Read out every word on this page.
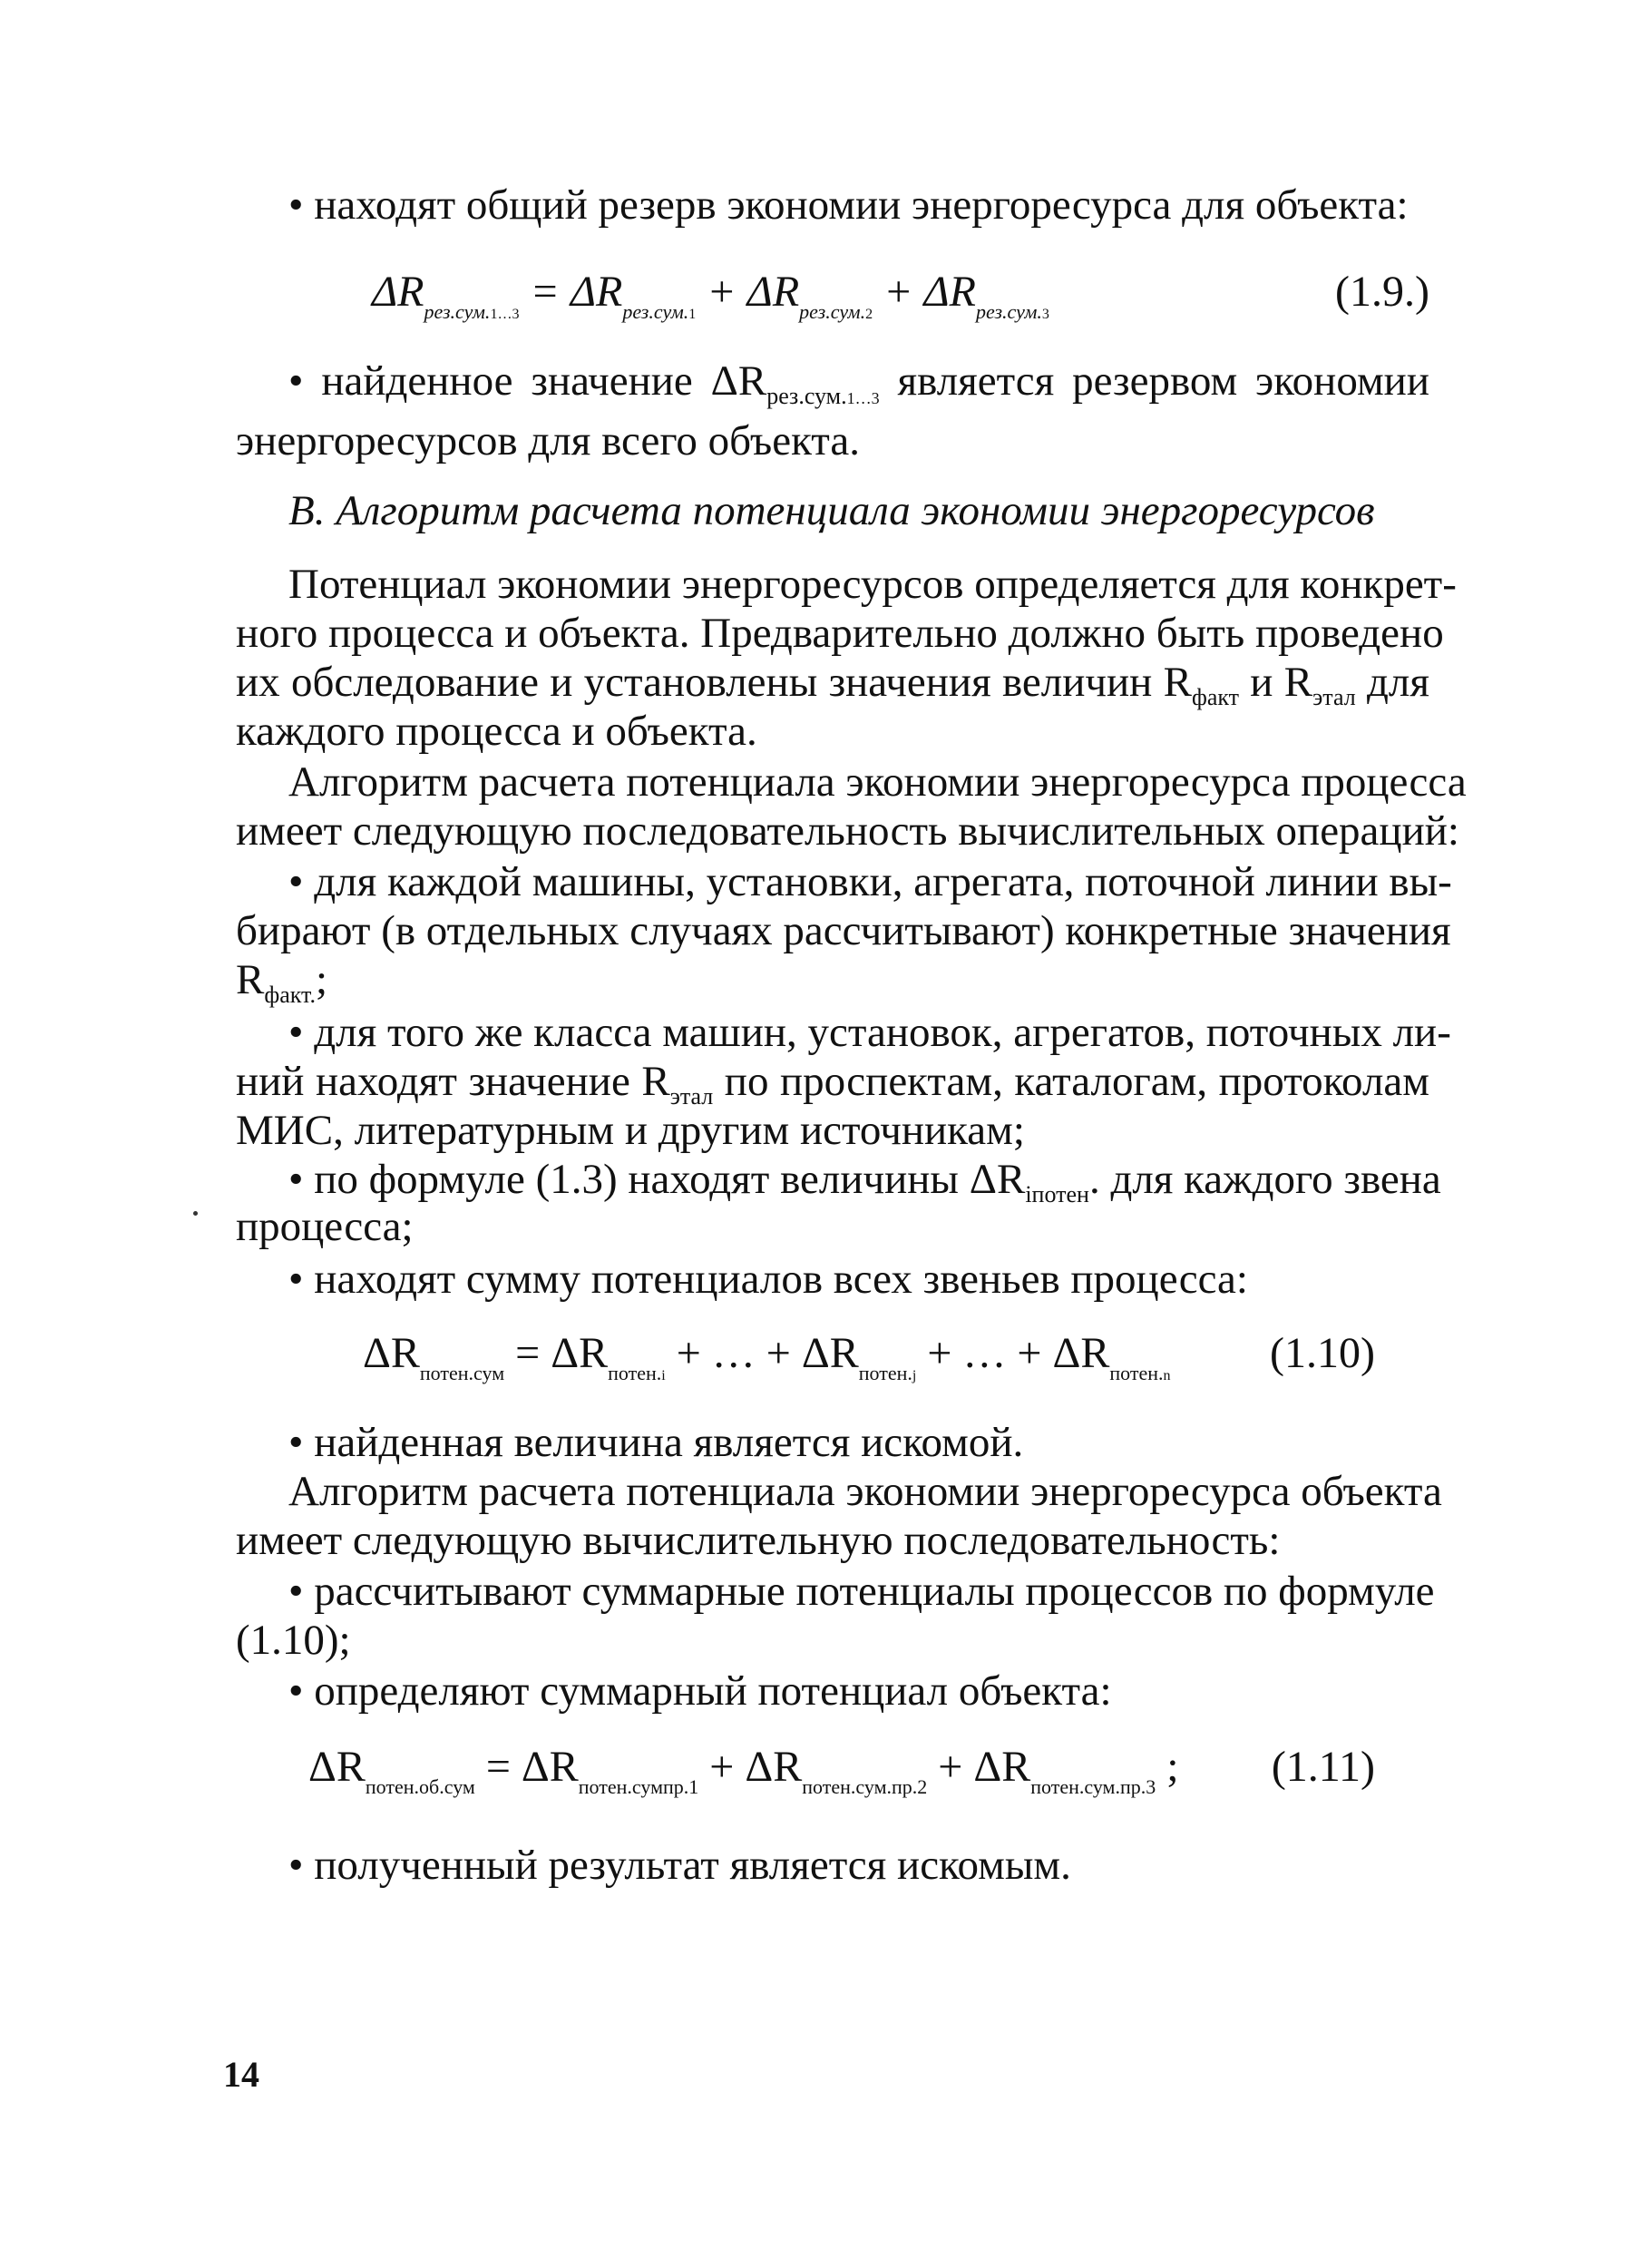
• находят общий резерв экономии энергоресурса для объекта:
$\Delta R_{рез.сум.1\dots 3} = \Delta R_{рез.сум.1} + \Delta R_{рез.сум.2} + \Delta R_{рез.сум.3}$	(1.9.)
• найденное значение $\Delta R_{рез.сум.1\dots 3}$ является резервом экономии
энергоресурсов для всего объекта.
В. Алгоритм расчета потенциала экономии энергоресурсов
Потенциал экономии энергоресурсов определяется для конкрет-
ного процесса и объекта. Предварительно должно быть проведено
их обследование и установлены значения величин $R_{факт}$ и $R_{этал}$ для
каждого процесса и объекта.
Алгоритм расчета потенциала экономии энергоресурса процесса
имеет следующую последовательность вычислительных операций:
• для каждой машины, установки, агрегата, поточной линии вы-
бирают (в отдельных случаях рассчитывают) конкретные значения
$R_{факт.}$;
• для того же класса машин, установок, агрегатов, поточных ли-
ний находят значение $R_{этал}$ по проспектам, каталогам, протоколам
МИС, литературным и другим источникам;
• по формуле (1.3) находят величины $\Delta R_{iпотен}$. для каждого звена
процесса;
• находят сумму потенциалов всех звеньев процесса:
$\Delta R_{потен.сум} = \Delta R_{потен.i}$ + … + $\Delta R_{потен.j}$ + … + $\Delta R_{потен.n}$ (1.10)
• найденная величина является искомой.
Алгоритм расчета потенциала экономии энергоресурса объекта
имеет следующую вычислительную последовательность:
• рассчитывают суммарные потенциалы процессов по формуле
(1.10);
• определяют суммарный потенциал объекта:
$\Delta R_{потен.об.сум} = \Delta R_{потен.сумпр.1} + \Delta R_{потен.сум.пр.2} + \Delta R_{потен.сум.пр.3}$ ; (1.11)
• полученный результат является искомым.
14
